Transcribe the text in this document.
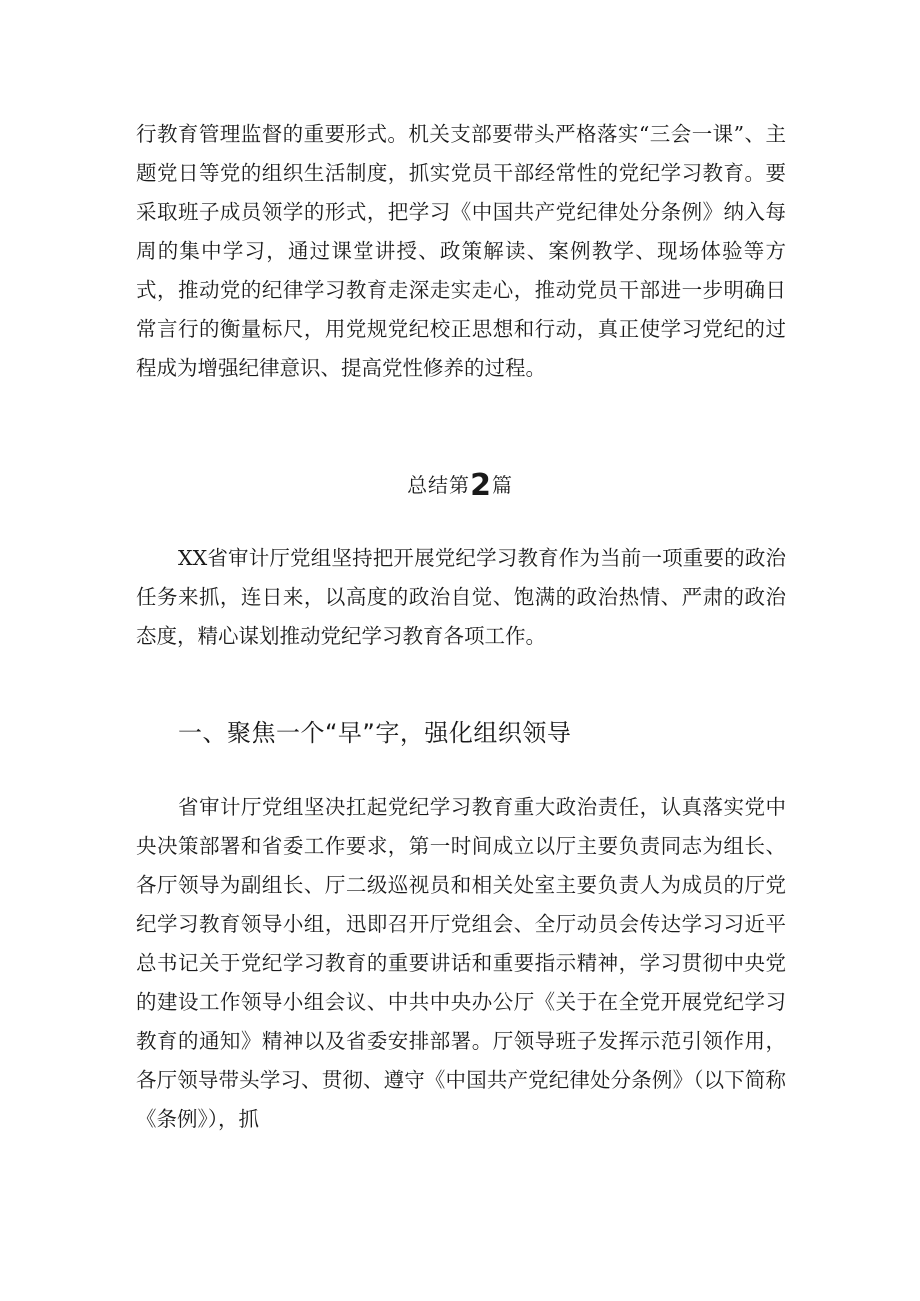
行教育管理监督的重要形式。机关支部要带头严格落实“三会一课”、主题党日等党的组织生活制度，抓实党员干部经常性的党纪学习教育。要采取班子成员领学的形式，把学习《中国共产党纪律处分条例》纳入每周的集中学习，通过课堂讲授、政策解读、案例教学、现场体验等方式，推动党的纪律学习教育走深走实走心，推动党员干部进一步明确日常言行的衡量标尺，用党规党纪校正思想和行动，真正使学习党纪的过程成为增强纪律意识、提高党性修养的过程。
总结第2篇
XX省审计厅党组坚持把开展党纪学习教育作为当前一项重要的政治任务来抓，连日来，以高度的政治自觉、饱满的政治热情、严肃的政治态度，精心谋划推动党纪学习教育各项工作。
一、聚焦一个“早”字，强化组织领导
省审计厅党组坚决扛起党纪学习教育重大政治责任，认真落实党中央决策部署和省委工作要求，第一时间成立以厅主要负责同志为组长、各厅领导为副组长、厅二级巡视员和相关处室主要负责人为成员的厅党纪学习教育领导小组，迅即召开厅党组会、全厅动员会传达学习习近平总书记关于党纪学习教育的重要讲话和重要指示精神，学习贯彻中央党的建设工作领导小组会议、中共中央办公厅《关于在全党开展党纪学习教育的通知》精神以及省委安排部署。厅领导班子发挥示范引领作用，各厅领导带头学习、贯彻、遵守《中国共产党纪律处分条例》（以下简称《条例》），抓
